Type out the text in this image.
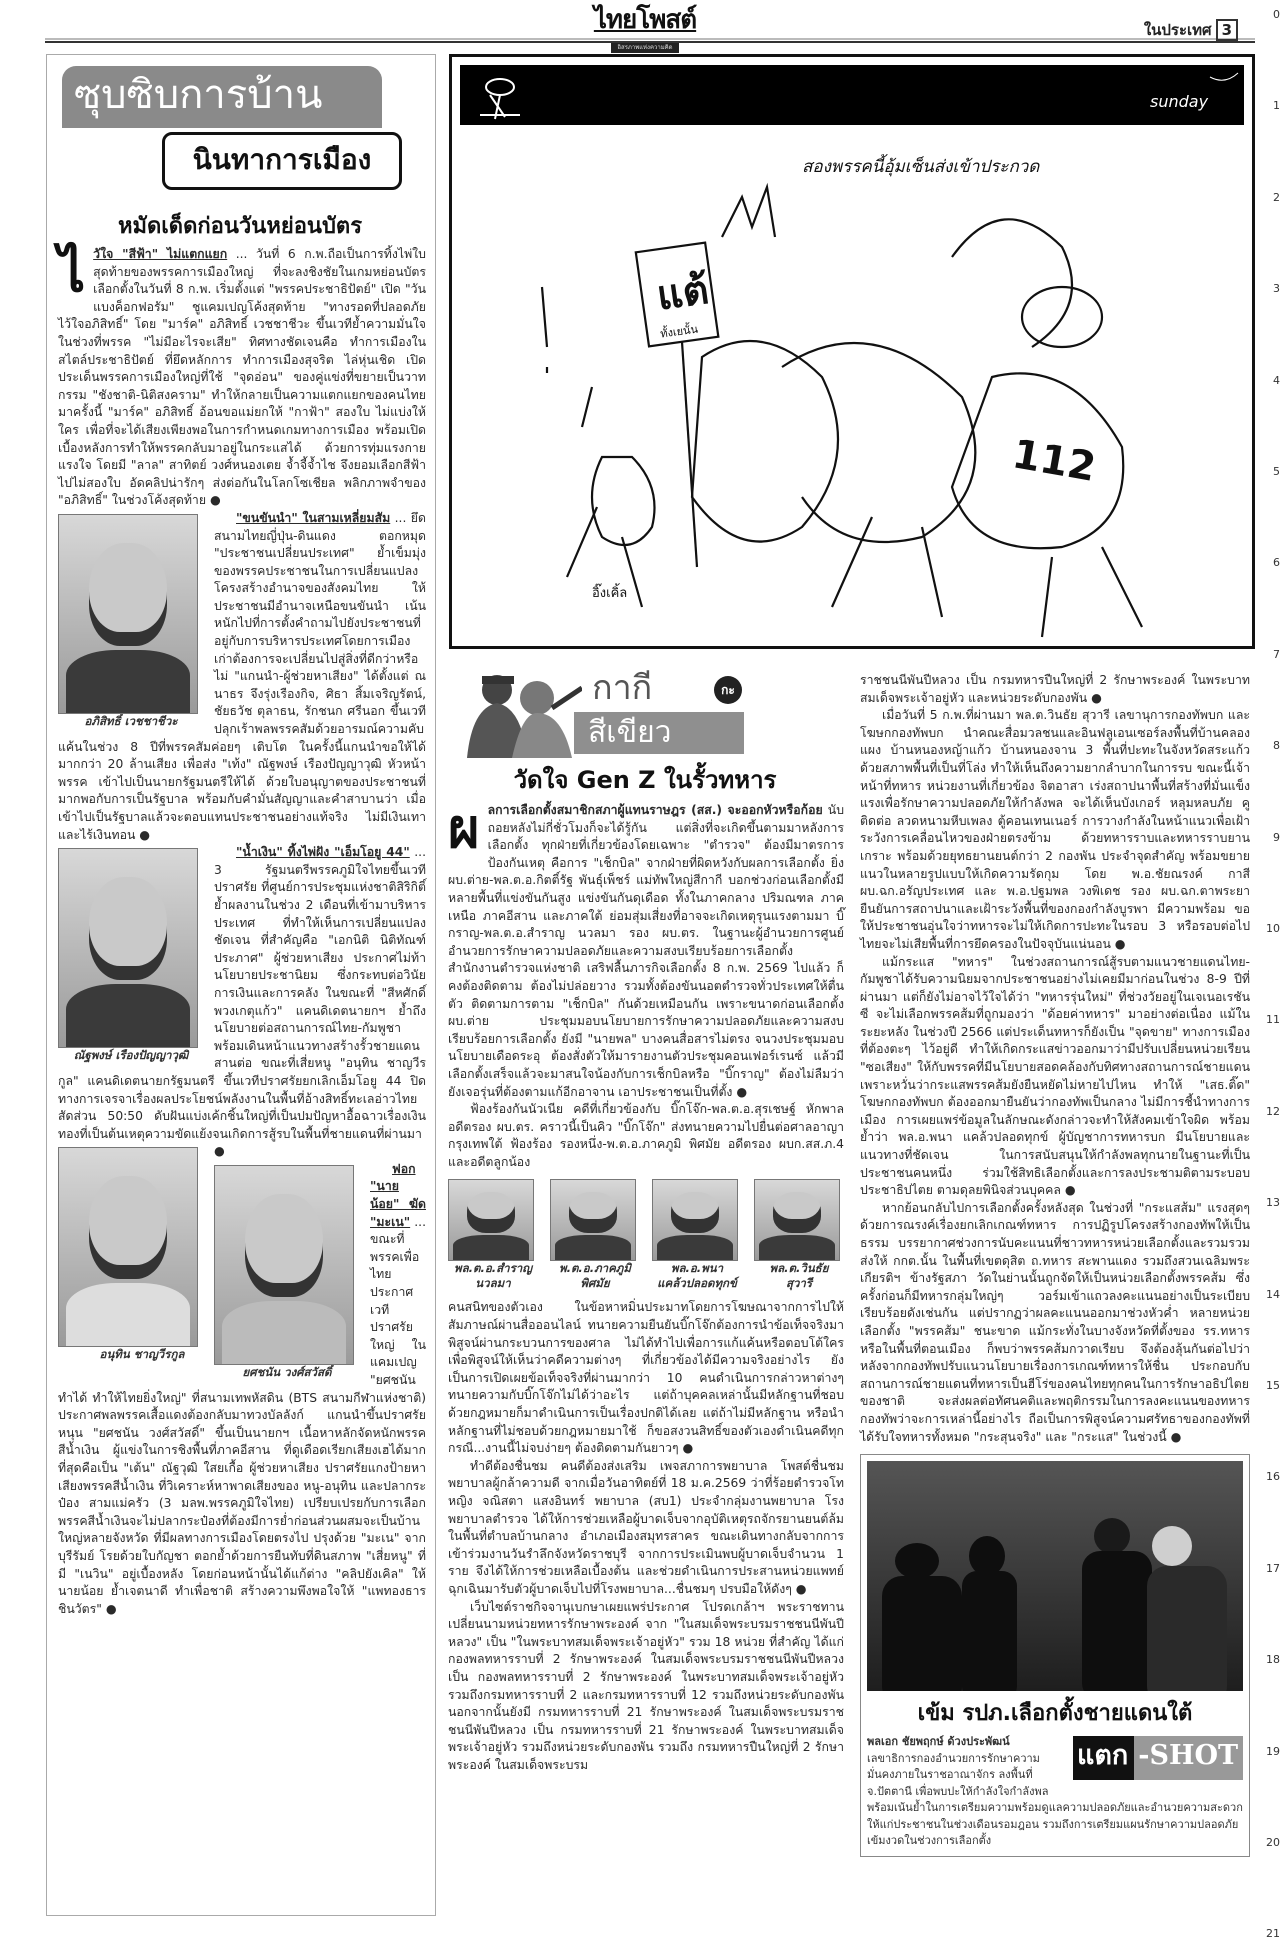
ไทยโพสต์
อิสรภาพแห่งความคิด
ในประเทศ 3
0
1
2
3
4
5
6
7
8
9
10
11
12
13
14
15
16
17
18
19
20
21
ซุบซิบการบ้าน
นินทาการเมือง
หมัดเด็ดก่อนวันหย่อนบัตร

ไวัใจ "สีฟ้า" ไม่แตกแยก ... วันที่ 6 ก.พ.ถือเป็นการทิ้งไพ่ใบสุดท้ายของพรรคการเมืองใหญ่ ที่จะลงชิงชัยในเกมหย่อนบัตรเลือกตั้งในวันที่ 8 ก.พ. เริ่มตั้งแต่ "พรรคประชาธิปัตย์" เปิด "วันแบงค็อกฟอรัม" ชูแคมเปญโค้งสุดท้าย "ทางรอดที่ปลอดภัย ไว้ใจอภิสิทธิ์" โดย "มาร์ค" อภิสิทธิ์ เวชชาชีวะ ขึ้นเวทีย้ำความมั่นใจในช่วงที่พรรค "ไม่มีอะไรจะเสีย" ทิศทางชัดเจนคือ ทำการเมืองในสไตล์ประชาธิปัตย์ ที่ยึดหลักการ ทำการเมืองสุจริต ไล่หุ่นเชิด เปิดประเด็นพรรคการเมืองใหญ่ที่ใช้ "จุดอ่อน" ของคู่แข่งที่ขยายเป็นวาทกรรม "ชังชาติ-นิติสงคราม" ทำให้กลายเป็นความแตกแยกของคนไทย มาครั้งนี้ "มาร์ค" อภิสิทธิ์ อ้อนขอแม่ยกให้ "กาฟ้า" สองใบ ไม่แบ่งให้ใคร เพื่อที่จะได้เสียงเพียงพอในการกำหนดเกมทางการเมือง พร้อมเปิดเบื้องหลังการทำให้พรรคกลับมาอยู่ในกระแสได้ ด้วยการทุ่มแรงกายแรงใจ โดยมี "ลาล" สาทิตย์ วงศ์หนองเตย จ้ำจี้จ้ำไช จึงยอมเลือกสีฟ้าไปไม่สองใบ อัดคลิปน่ารักๆ ส่งต่อกันในโลกโซเชียล พลิกภาพจำของ "อภิสิทธิ์" ในช่วงโค้งสุดท้าย ●

อภิสิทธิ์ เวชชาชีวะ

"ขนขันนำ" ในสามเหลี่ยมสัม ... ยึดสนามไทยญี่ปุ่น-ดินแดง ตอกหมุด "ประชาชนเปลี่ยนประเทศ" ย้ำเข็มมุ่งของพรรคประชาชนในการเปลี่ยนแปลงโครงสร้างอำนาจของสังคมไทย ให้ประชาชนมีอำนาจเหนือขนขันนำ เน้นหนักไปที่การตั้งคำถามไปยังประชาชนที่อยู่กับการบริหารประเทศโดยการเมืองเก่าต้องการจะเปลี่ยนไปสู่สิ่งที่ดีกว่าหรือไม่ "แกนนำ-ผู้ช่วยหาเสียง" ได้ตั้งแต่ ณนาธร จึงรุ่งเรืองกิจ, ศิธา สิ้มเจริญรัตน์, ชัยธวัช ตุลาธน, รักชนก ศรีนอก ขึ้นเวทีปลุกเร้าพลพรรคสัมด้วยอารมณ์ความคับแค้นในช่วง 8 ปีที่พรรคสัมค่อยๆ เติบโต ในครั้งนี้แกนนำขอให้ได้มากกว่า 20 ล้านเสียง เพื่อส่ง "เท้ง" ณัฐพงษ์ เรืองปัญญาวุฒิ หัวหน้าพรรค เข้าไปเป็นนายกรัฐมนตรีให้ได้ ด้วยใบอนุญาตของประชาชนที่มากพอกับการเป็นรัฐบาล พร้อมกับคำมั่นสัญญาและคำสาบานว่า เมื่อเข้าไปเป็นรัฐบาลแล้วจะตอบแทนประชาชนอย่างแท้จริง ไม่มีเงินเทาและไร้เงินทอน ●

ณัฐพงษ์ เรืองปัญญาวุฒิ

"น้ำเงิน" ทิ้งไพ่ฝัง "เอ็มโอยู 44" ... 3 รัฐมนตรีพรรคภูมิใจไทยขึ้นเวทีปราศรัย ที่ศูนย์การประชุมแห่งชาติสิริกิติ์ ย้ำผลงานในช่วง 2 เดือนที่เข้ามาบริหารประเทศ ที่ทำให้เห็นการเปลี่ยนแปลงชัดเจน ที่สำคัญคือ "เอกนิติ นิติทัณฑ์ประภาศ" ผู้ช่วยหาเสียง ประกาศไม่ท้านโยบายประชานิยม ซึ่งกระทบต่อวินัยการเงินและการคลัง ในขณะที่ "สีหศักดิ์ พวงเกตุแก้ว" แคนดิเดตนายกฯ ย้ำถึงนโยบายต่อสถานการณ์ไทย-กัมพูชา พร้อมเดินหน้าแนวทางสร้างรั้วชายแดนสานต่อ ขณะที่เสี่ยหนู "อนุทิน ชาญวีรกูล" แคนดิเดตนายกรัฐมนตรี ขึ้นเวทีปราศรัยยกเลิกเอ็มโอยู 44 ปิดทางการเจรจาเรื่องผลประโยชน์พลังงานในพื้นที่อ้างสิทธิ์ทะเลอ่าวไทยสัดส่วน 50:50 ดับฝันแบ่งเค้กชิ้นใหญ่ที่เป็นปมปัญหาอื้อฉาวเรื่องเงินทองที่เป็นต้นเหตุความขัดแย้งจนเกิดการสู้รบในพื้นที่ชายแดนที่ผ่านมา ●
อนุทิน ชาญวีรกูล

ยศชนัน วงศ์สวัสดิ์

ฟอก "นายน้อย" ฆัด "มะเน" ... ขณะที่พรรคเพื่อไทยประกาศเวทีปราศรัยใหญ่ ในแคมเปญ "ยศชนันทำได้ ทำให้ไทยยิ่งใหญ่" ที่สนามเทพหัสดิน (BTS สนามกีฬาแห่งชาติ) ประกาศพลพรรคเสื้อแดงต้องกลับมาทวงบัลลังก์ แกนนำขึ้นปราศรัยหนุน "ยศชนัน วงศ์สวัสดิ์" ขึ้นเป็นนายกฯ เนื้อหาหลักจัดหนักพรรคสีน้ำเงิน ผู้แข่งในการชิงพื้นที่ภาคอีสาน ที่ดูเดือดเรียกเสียงเฮได้มากที่สุดคือเป็น "เต้น" ณัฐวุฒิ ใสยเกื้อ ผู้ช่วยหาเสียง ปราศรัยแกงป้ายหาเสียงพรรคสีน้ำเงิน ที่วิเคราะห์หาพาดเสียงของ หนู-อนุทิน และปลากระป๋อง สามแม่ครัว (3 มลพ.พรรคภูมิใจไทย) เปรียบเปรยกับการเลือกพรรคสีน้ำเงินจะไม่ปลากระป๋องที่ต้องมีการย่ำก่อนส่วนผสมจะเป็นบ้านใหญ่หลายจังหวัด ที่มีผลทางการเมืองโดยตรงไป ปรุงด้วย "มะเน" จากบุรีรัมย์ โรยด้วยใบกัญชา ตอกย้ำด้วยการยืนทับที่ดินสภาพ "เสี่ยหนู" ที่มี "เนวิน" อยู่เบื้องหลัง โดยก่อนหน้านั้นได้แก้ต่าง "คลิปยังเคิล" ให้นายน้อย ย้ำเจตนาดี ทำเพื่อชาติ สร้างความพึงพอใจให้ "แพทองธาร ชินวัตร" ●

sunday
แต้
ทั้งเยนั้น
สองพรรคนี้อุ้มเซ็นส่งเข้าประกวด
อิ๊งเคิ้ล
112
กากี	กะ
สีเขียว
วัดใจ Gen Z ในรั้วทหาร

ผลการเลือกตั้งสมาชิกสภาผู้แทนราษฎร (สส.) จะออกหัวหรือก้อย นับถอยหลังไม่กี่ชั่วโมงก็จะได้รู้กัน แต่สิ่งที่จะเกิดขึ้นตามมาหลังการเลือกตั้ง ทุกฝ่ายที่เกี่ยวข้องโดยเฉพาะ "ตำรวจ" ต้องมีมาตรการป้องกันเหตุ คือการ "เช็กบิล" จากฝ่ายที่ผิดหวังกับผลการเลือกตั้ง ยิ่ง ผบ.ต่าย-พล.ต.อ.กิตติ์รัฐ พันธุ์เพ็ชร์ แม่ทัพใหญ่สีกากี บอกช่วงก่อนเลือกตั้งมีหลายพื้นที่แข่งขันกันสูง แข่งขันกันดุเดือด ทั้งในภาคกลาง ปริมณฑล ภาคเหนือ ภาคอีสาน และภาคใต้ ย่อมสุ่มเสี่ยงที่อาจจะเกิดเหตุรุนแรงตามมา บิ๊กราญ-พล.ต.อ.สำราญ นวลมา รอง ผบ.ตร. ในฐานะผู้อำนวยการศูนย์อำนวยการรักษาความปลอดภัยและความสงบเรียบร้อยการเลือกตั้ง สำนักงานตำรวจแห่งชาติ เสริฟลื้นภารกิจเลือกตั้ง 8 ก.พ. 2569 ไปแล้ว ก็คงต้องติดตาม ต้องไม่ปล่อยวาง รวมทั้งต้องขันนอตตำรวจทั่วประเทศให้ตื่นตัว ติดตามการตาม "เช็กบิล" กันด้วยเหมือนกัน เพราะขนาดก่อนเลือกตั้ง ผบ.ต่าย ประชุมมอบนโยบายการรักษาความปลอดภัยและความสงบเรียบร้อยการเลือกตั้ง ยังมี "นายพล" บางคนสื่อสารไม่ตรง จนวงประชุมมอบนโยบายเดือดระอุ ต้องสั่งตัวให้มารายงานตัวประชุมคอนเฟอร์เรนซ์ แล้วมีเลือกตั้งเสร็จแล้วจะมาสนใจน้องกับการเช็กบิลหรือ "บิ๊กราญ" ต้องไม่ลืมว่ายังเจอรุ่นที่ต้องตามแก้อีกอาจาน เอาประชาชนเป็นที่ตั้ง ●

ฟ้องร้องกันนัวเนีย คดีที่เกี่ยวข้องกับ บิ๊กโจ๊ก-พล.ต.อ.สุรเชษฐ์ หักพาล อดีตรอง ผบ.ตร. คราวนี้เป็นคิว "บิ๊กโจ๊ก" ส่งทนายความไปยื่นต่อศาลอาญากรุงเทพใต้ ฟ้องร้อง รองหนึ่ง-พ.ต.อ.ภาคภูมิ พิศมัย อดีตรอง ผบก.สส.ภ.4 และอดีตลูกน้อง

พล.ต.อ.สำราญ
นวลมา
พ.ต.อ.ภาคภูมิ
พิศมัย
พล.อ.พนา
แคล้วปลอดทุกข์
พล.ต.วินธัย
สุวารี

คนสนิทของตัวเอง ในข้อหาหมิ่นประมาทโดยการโฆษณาจากการไปให้สัมภาษณ์ผ่านสื่อออนไลน์ ทนายความยืนยันบิ๊กโจ๊กต้องการนำข้อเท็จจริงมาพิสูจน์ผ่านกระบวนการของศาล ไม่ได้ทำไปเพื่อการแก้แค้นหรือตอบโต้ใคร เพื่อพิสูจน์ให้เห็นว่าคดีความต่างๆ ที่เกี่ยวข้องได้มีความจริงอย่างไร ยังเป็นการเปิดเผยข้อเท็จจริงที่ผ่านมากว่า 10 คนดำเนินการกล่าวหาต่างๆ ทนายความกับบิ๊กโจ๊กไม่ได้ว่าอะไร แต่ถ้าบุคคลเหล่านั้นมีหลักฐานที่ชอบด้วยกฎหมายก็มาดำเนินการเป็นเรื่องปกติได้เลย แต่ถ้าไม่มีหลักฐาน หรือนำหลักฐานที่ไม่ชอบด้วยกฎหมายมาใช้ ก็ขอสงวนสิทธิ์ของตัวเองดำเนินคดีทุกกรณี...งานนี้ไม่จบง่ายๆ ต้องติดตามกันยาวๆ ●

ทำดีต้องชื่นชม คนดีต้องส่งเสริม เพจสภาการพยาบาล โพสต์ชื่นชมพยาบาลผู้กล้าความดี จากเมื่อวันอาทิตย์ที่ 18 ม.ค.2569 ว่าที่ร้อยตำรวจโทหญิง จณิสตา แสงอินทร์ พยาบาล (สบ1) ประจำกลุ่มงานพยาบาล โรงพยาบาลตำรวจ ได้ให้การช่วยเหลือผู้บาดเจ็บจากอุบัติเหตุรถจักรยานยนต์ล้ม ในพื้นที่ตำบลบ้านกลาง อำเภอเมืองสมุทรสาคร ขณะเดินทางกลับจากการเข้าร่วมงานวันรำลึกจังหวัดราชบุรี จากการประเมินพบผู้บาดเจ็บจำนวน 1 ราย จึงได้ให้การช่วยเหลือเบื้องต้น และช่วยดำเนินการประสานหน่วยแพทย์ฉุกเฉินมารับตัวผู้บาดเจ็บไปที่โรงพยาบาล...ชื่นชมๆ ปรบมือให้ดังๆ ●

เว็บไซต์ราชกิจจานุเบกษาเผยแพร่ประกาศ โปรดเกล้าฯ พระราชทานเปลี่ยนนามหน่วยทหารรักษาพระองค์ จาก "ในสมเด็จพระบรมราชชนนีพันปีหลวง" เป็น "ในพระบาทสมเด็จพระเจ้าอยู่หัว" รวม 18 หน่วย ที่สำคัญ ได้แก่ กองพลทหารราบที่ 2 รักษาพระองค์ ในสมเด็จพระบรมราชชนนีพันปีหลวง เป็น กองพลทหารราบที่ 2 รักษาพระองค์ ในพระบาทสมเด็จพระเจ้าอยู่หัว รวมถึงกรมทหารราบที่ 2 และกรมทหารราบที่ 12 รวมถึงหน่วยระดับกองพัน นอกจากนั้นยังมี กรมทหารราบที่ 21 รักษาพระองค์ ในสมเด็จพระบรมราชชนนีพันปีหลวง เป็น กรมทหารราบที่ 21 รักษาพระองค์ ในพระบาทสมเด็จพระเจ้าอยู่หัว รวมถึงหน่วยระดับกองพัน รวมถึง กรมทหารปืนใหญ่ที่ 2 รักษาพระองค์ ในสมเด็จพระบรม

ราชชนนีพันปีหลวง เป็น กรมทหารปืนใหญ่ที่ 2 รักษาพระองค์ ในพระบาทสมเด็จพระเจ้าอยู่หัว และหน่วยระดับกองพัน ●

เมื่อวันที่ 5 ก.พ.ที่ผ่านมา พล.ต.วินธัย สุวารี เลขานุการกองทัพบก และโฆษกกองทัพบก นำคณะสื่อมวลชนและอินฟลูเอนเซอร์ลงพื้นที่บ้านคลองแผง บ้านหนองหญ้าแก้ว บ้านหนองจาน 3 พื้นที่ปะทะในจังหวัดสระแก้ว ด้วยสภาพพื้นที่เป็นที่โล่ง ทำให้เห็นถึงความยากลำบากในการรบ ขณะนี้เจ้าหน้าที่ทหาร หน่วยงานที่เกี่ยวข้อง จิตอาสา เร่งสถาปนาพื้นที่สร้างที่มั่นแข็งแรงเพื่อรักษาความปลอดภัยให้กำลังพล จะได้เห็นบังเกอร์ หลุมหลบภัย คูติดต่อ ลวดหนามหีบเพลง ตู้คอนเทนเนอร์ การวางกำลังในหน้าแนวเพื่อเฝ้าระวังการเคลื่อนไหวของฝ่ายตรงข้าม ด้วยทหารราบและทหารราบยานเกราะ พร้อมด้วยยุทธยานยนต์กว่า 2 กองพัน ประจำจุดสำคัญ พร้อมขยายแนวในหลายรูปแบบให้เกิดความรัดกุม โดย พ.อ.ชัยณรงค์ กาสี ผบ.ฉก.อรัญประเทศ และ พ.อ.ปฐมพล วงพิเดช รอง ผบ.ฉก.ตาพระยา ยืนยันการสถาปนาและเฝ้าระวังพื้นที่ของกองกำลังบูรพา มีความพร้อม ขอให้ประชาชนอุ่นใจว่าทหารจะไม่ให้เกิดการปะทะในรอบ 3 หรือรอบต่อไป ไทยจะไม่เสียพื้นที่การยึดครองในปัจจุบันแน่นอน ●

แม้กระแส "ทหาร" ในช่วงสถานการณ์สู้รบตามแนวชายแดนไทย-กัมพูชาได้รับความนิยมจากประชาชนอย่างไม่เคยมีมาก่อนในช่วง 8-9 ปีที่ผ่านมา แต่ก็ยังไม่อาจไว้ใจได้ว่า "ทหารรุ่นใหม่" ที่ช่วงวัยอยู่ในเจเนอเรชันซี จะไม่เลือกพรรคส้มที่ถูกมองว่า "ด้อยค่าทหาร" มาอย่างต่อเนื่อง แม้ในระยะหลัง ในช่วงปี 2566 แต่ประเด็นทหารก็ยังเป็น "จุดขาย" ทางการเมืองที่ต้องตะๆ ไว้อยู่ดี ทำให้เกิดกระแสข่าวออกมาว่ามีปรับเปลี่ยนหน่วยเรียน "ซอเสียง" ให้กับพรรคที่มีนโยบายสอดคล้องกับทิศทางสถานการณ์ชายแดน เพราะหวั่นว่ากระแสพรรคส้มยังยืนหยัดไม่หายไปไหน ทำให้ "เสธ.ติ๊ด" โฆษกกองทัพบก ต้องออกมายืนยันว่ากองทัพเป็นกลาง ไม่มีการชี้นำทางการเมือง การเผยแพร่ข้อมูลในลักษณะดังกล่าวจะทำให้สังคมเข้าใจผิด พร้อมย้ำว่า พล.อ.พนา แคล้วปลอดทุกข์ ผู้บัญชาการทหารบก มีนโยบายและแนวทางที่ชัดเจน ในการสนับสนุนให้กำลังพลทุกนายในฐานะที่เป็นประชาชนคนหนึ่ง ร่วมใช้สิทธิเลือกตั้งและการลงประชามติตามระบอบประชาธิปไตย ตามดุลยพินิจส่วนบุคคล ●

หากย้อนกลับไปการเลือกตั้งครั้งหลังสุด ในช่วงที่ "กระแสส้ม" แรงสุดๆ ด้วยการณรงค์เรื่องยกเลิกเกณฑ์ทหาร การปฏิรูปโครงสร้างกองทัพให้เป็นธรรม บรรยากาศช่วงการนับคะแนนที่ชาวทหารหน่วยเลือกตั้งและรวมรวมส่งให้ กกต.นั้น ในพื้นที่เขตดุสิต ถ.ทหาร สะพานแดง รวมถึงสวนเฉลิมพระเกียรติฯ ข้างรัฐสภา วัดในย่านนั้นถูกจัดให้เป็นหน่วยเลือกตั้งพรรคส้ม ซึ่งครั้งก่อนก็มีทหารกลุ่มใหญ่ๆ วอร์มเข้าแถวลงคะแนนอย่างเป็นระเบียบเรียบร้อยดังเช่นกัน แต่ปรากฏว่าผลคะแนนออกมาช่วงหัวค่ำ หลายหน่วยเลือกตั้ง "พรรคส้ม" ชนะขาด แม้กระทั่งในบางจังหวัดที่ตั้งของ รร.ทหาร หรือในพื้นที่ตอนเมือง ก็พบว่าพรรคส้มกวาดเรียบ จึงต้องลุ้นกันต่อไปว่า หลังจากกองทัพปรับแนวนโยบายเรื่องการเกณฑ์ทหารให้ชื่น ประกอบกับสถานการณ์ชายแดนที่ทหารเป็นฮีโร่ของคนไทยทุกคนในการรักษาอธิปไตยของชาติ จะส่งผลต่อทัศนคติและพฤติกรรมในการลงคะแนนของทหารกองทัพว่าจะการเหล่านี้อย่างไร ถือเป็นการพิสูจน์ความศรัทธาของกองทัพที่ได้รับใจทหารทั้งหมด "กระสุนจริง" และ "กระแส" ในช่วงนี้ ●

เข้ม รปภ.เลือกตั้งชายแดนใต้
แตก -SHOT
พลเอก ชัยพฤกษ์ ด้วงประพัฒน์
เลขาธิการกองอำนวยการรักษาความมั่นคงภายในราชอาณาจักร ลงพื้นที่ จ.ปัตตานี เพื่อพบปะให้กำลังใจกำลังพล พร้อมเน้นย้ำในการเตรียมความพร้อมดูแลความปลอดภัยและอำนวยความสะดวกให้แก่ประชาชนในช่วงเดือนรอมฎอน รวมถึงการเตรียมแผนรักษาความปลอดภัยเข้มงวดในช่วงการเลือกตั้ง
